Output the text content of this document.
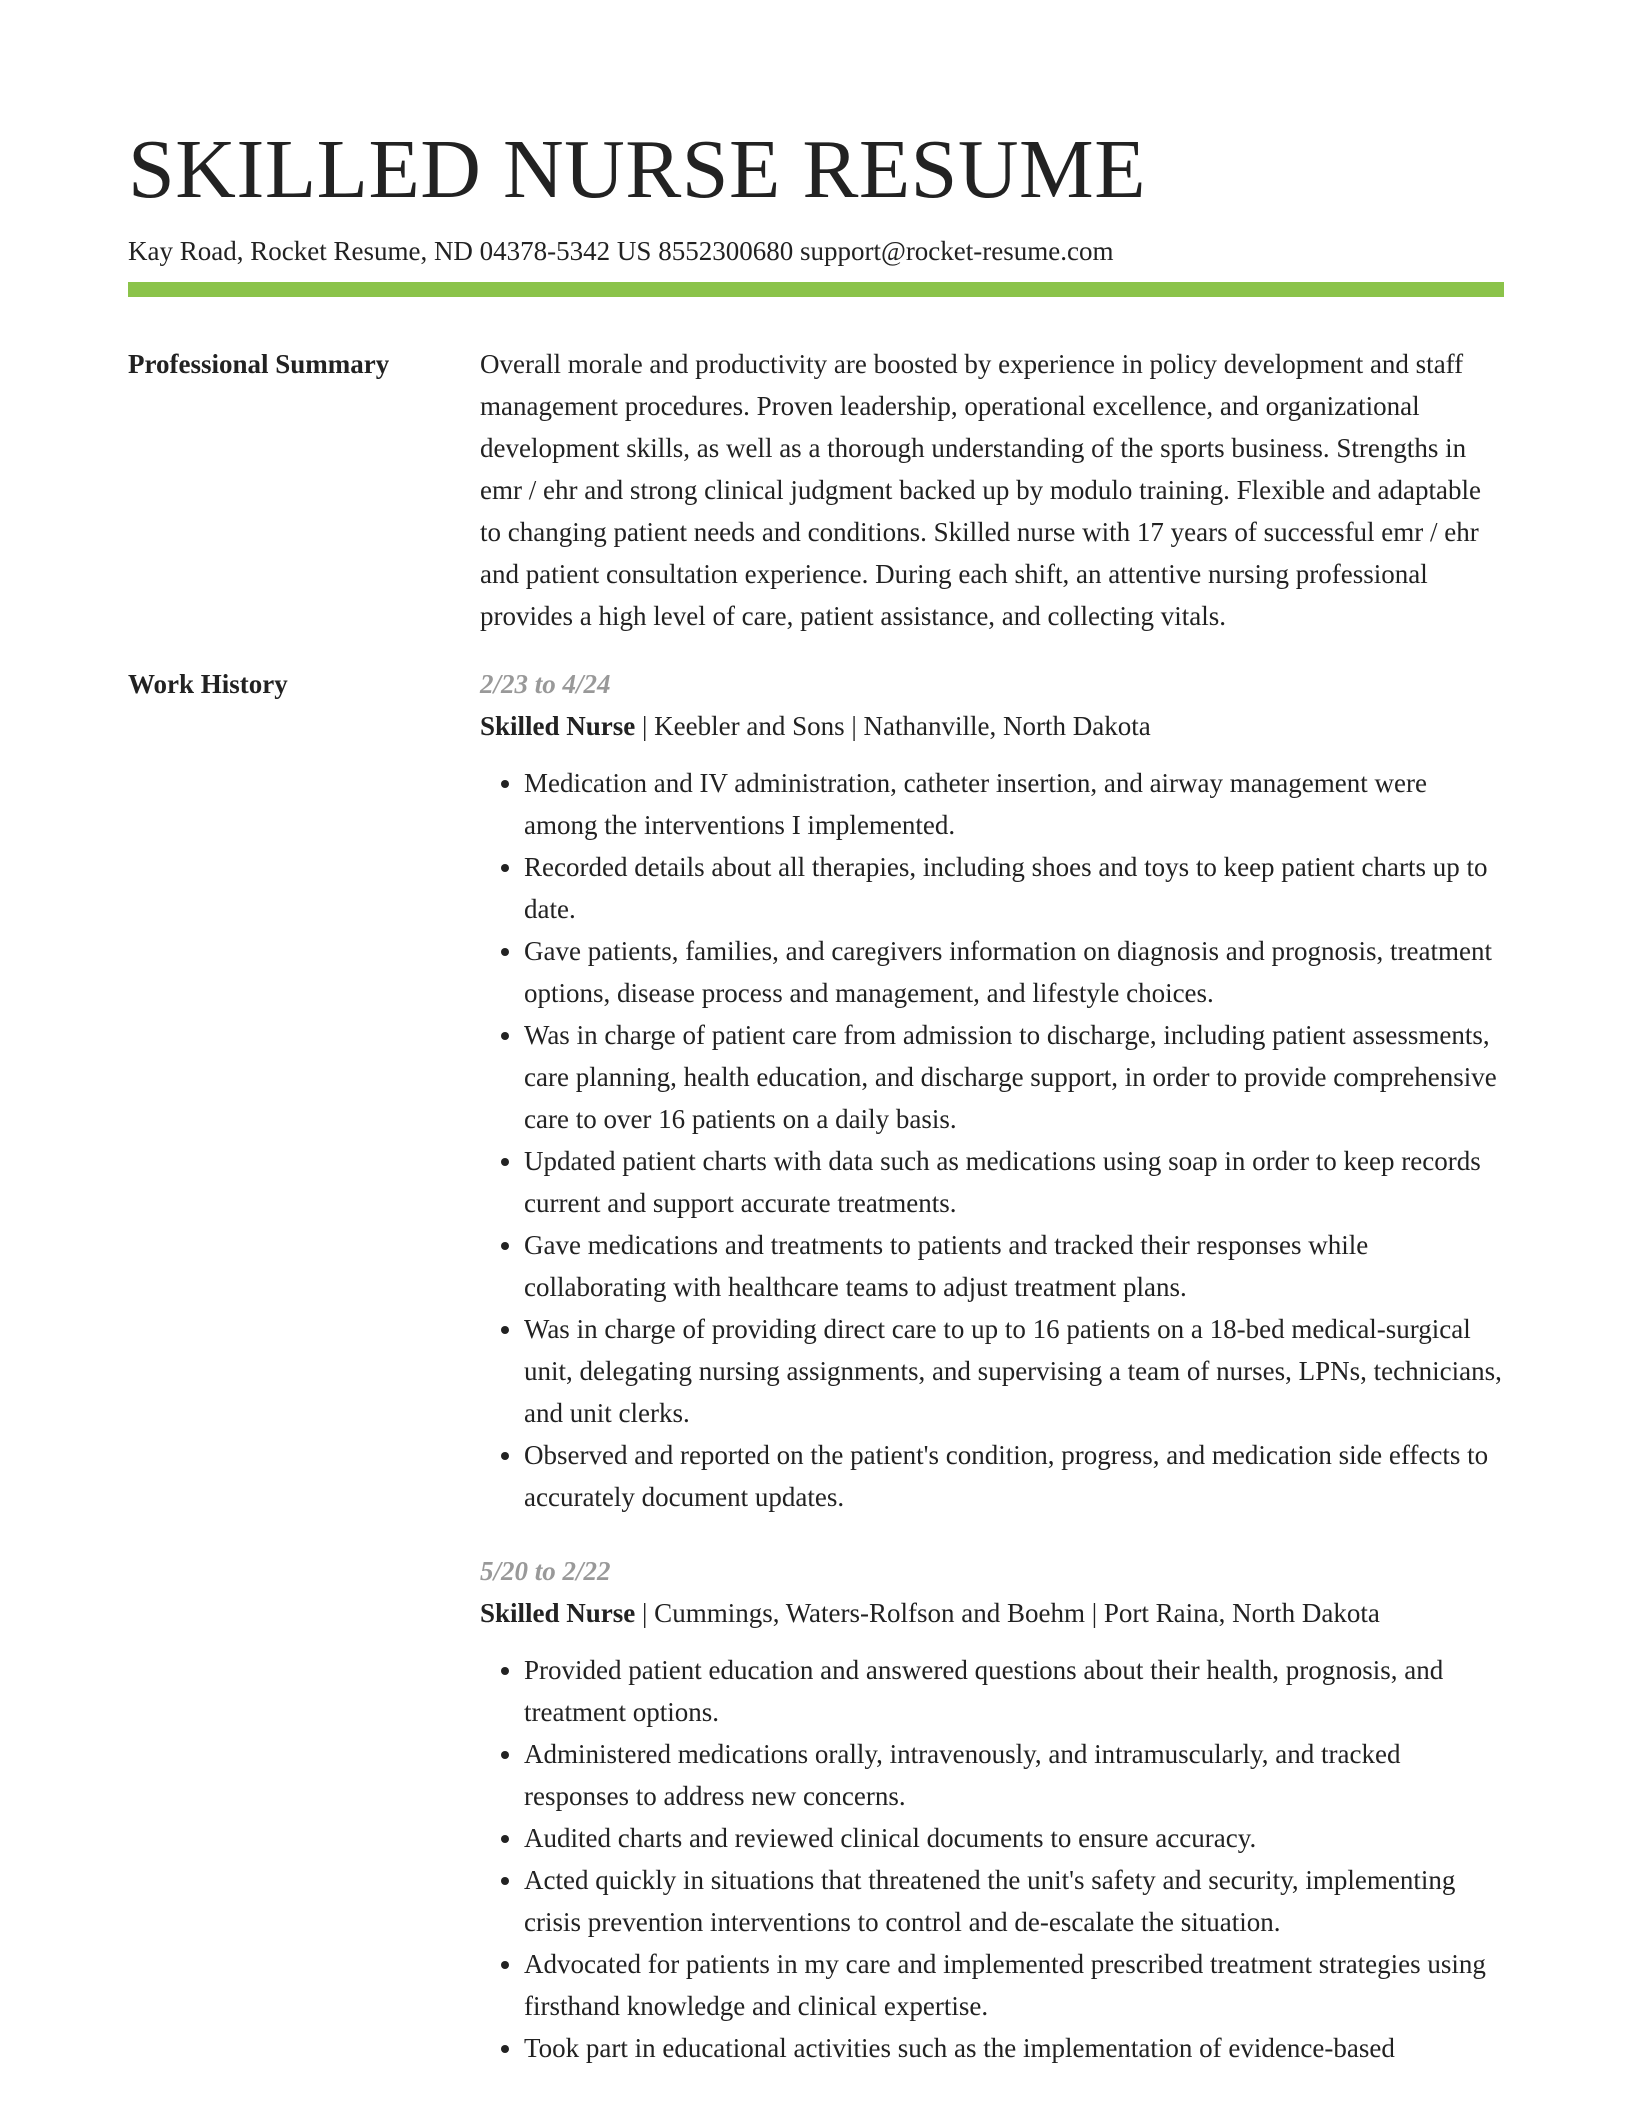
SKILLED NURSE RESUME
Kay Road, Rocket Resume, ND 04378-5342 US 8552300680 support@rocket-resume.com
Professional Summary	Overall morale and productivity are boosted by experience in policy development and staff management procedures. Proven leadership, operational excellence, and organizational development skills, as well as a thorough understanding of the sports business. Strengths in emr / ehr and strong clinical judgment backed up by modulo training. Flexible and adaptable to changing patient needs and conditions. Skilled nurse with 17 years of successful emr / ehr and patient consultation experience. During each shift, an attentive nursing professional provides a high level of care, patient assistance, and collecting vitals.
Work History	2/23 to 4/24
Skilled Nurse | Keebler and Sons | Nathanville, North Dakota
• Medication and IV administration, catheter insertion, and airway management were among the interventions I implemented.
• Recorded details about all therapies, including shoes and toys to keep patient charts up to date.
• Gave patients, families, and caregivers information on diagnosis and prognosis, treatment options, disease process and management, and lifestyle choices.
• Was in charge of patient care from admission to discharge, including patient assessments, care planning, health education, and discharge support, in order to provide comprehensive care to over 16 patients on a daily basis.
• Updated patient charts with data such as medications using soap in order to keep records current and support accurate treatments.
• Gave medications and treatments to patients and tracked their responses while collaborating with healthcare teams to adjust treatment plans.
• Was in charge of providing direct care to up to 16 patients on a 18-bed medical-surgical unit, delegating nursing assignments, and supervising a team of nurses, LPNs, technicians, and unit clerks.
• Observed and reported on the patient's condition, progress, and medication side effects to accurately document updates.
5/20 to 2/22
Skilled Nurse | Cummings, Waters-Rolfson and Boehm | Port Raina, North Dakota
• Provided patient education and answered questions about their health, prognosis, and treatment options.
• Administered medications orally, intravenously, and intramuscularly, and tracked responses to address new concerns.
• Audited charts and reviewed clinical documents to ensure accuracy.
• Acted quickly in situations that threatened the unit's safety and security, implementing crisis prevention interventions to control and de-escalate the situation.
• Advocated for patients in my care and implemented prescribed treatment strategies using firsthand knowledge and clinical expertise.
• Took part in educational activities such as the implementation of evidence-based
